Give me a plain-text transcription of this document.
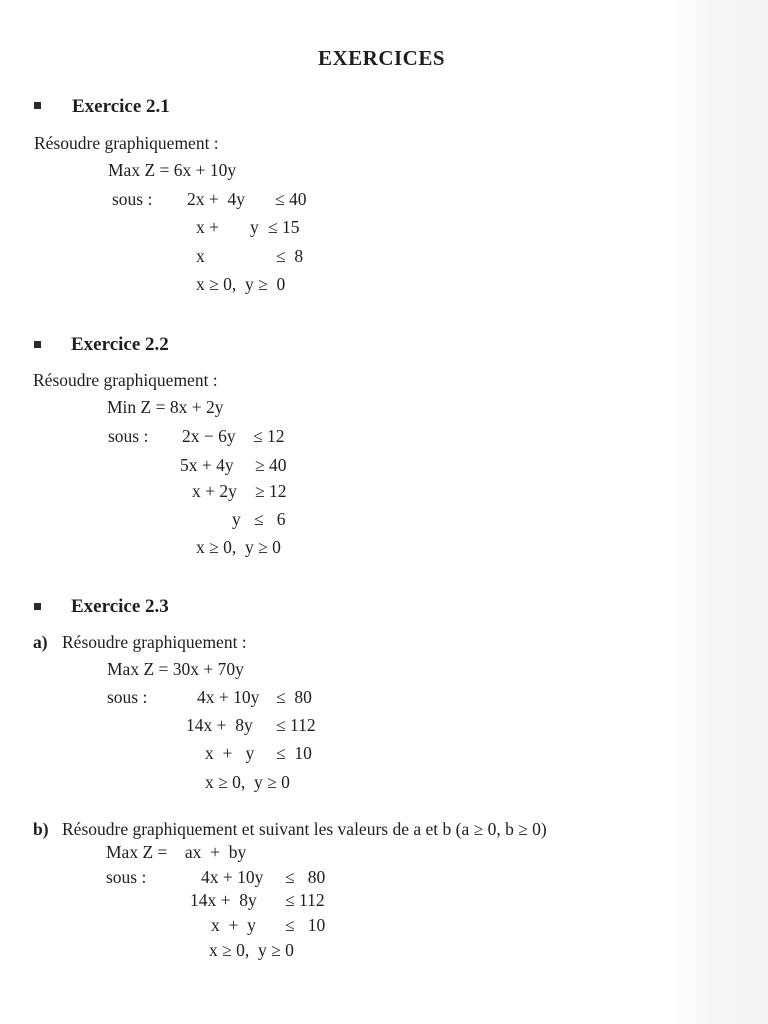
EXERCICES
Exercice 2.1
Résoudre graphiquement :
Max Z = 6x + 10y
sous : 2x +  4y ≤ 40
x + y ≤ 15
x	≤  8
x ≥ 0,  y ≥  0
Exercice 2.2
Résoudre graphiquement :
Min Z = 8x + 2y
sous : 2x − 6y ≤ 12
5x + 4y ≥ 40
x + 2y ≥ 12
y ≤   6
x ≥ 0,  y ≥ 0
Exercice 2.3
a) Résoudre graphiquement :
Max Z = 30x + 70y
sous :	4x + 10y ≤  80
14x +  8y ≤ 112
x  +   y ≤  10
x ≥ 0,  y ≥ 0
b) Résoudre graphiquement et suivant les valeurs de a et b (a ≥ 0, b ≥ 0)
Max Z =    ax  +  by
sous :	4x + 10y ≤   80
14x +  8y ≤ 112
x  +  y ≤   10
x ≥ 0,  y ≥ 0
